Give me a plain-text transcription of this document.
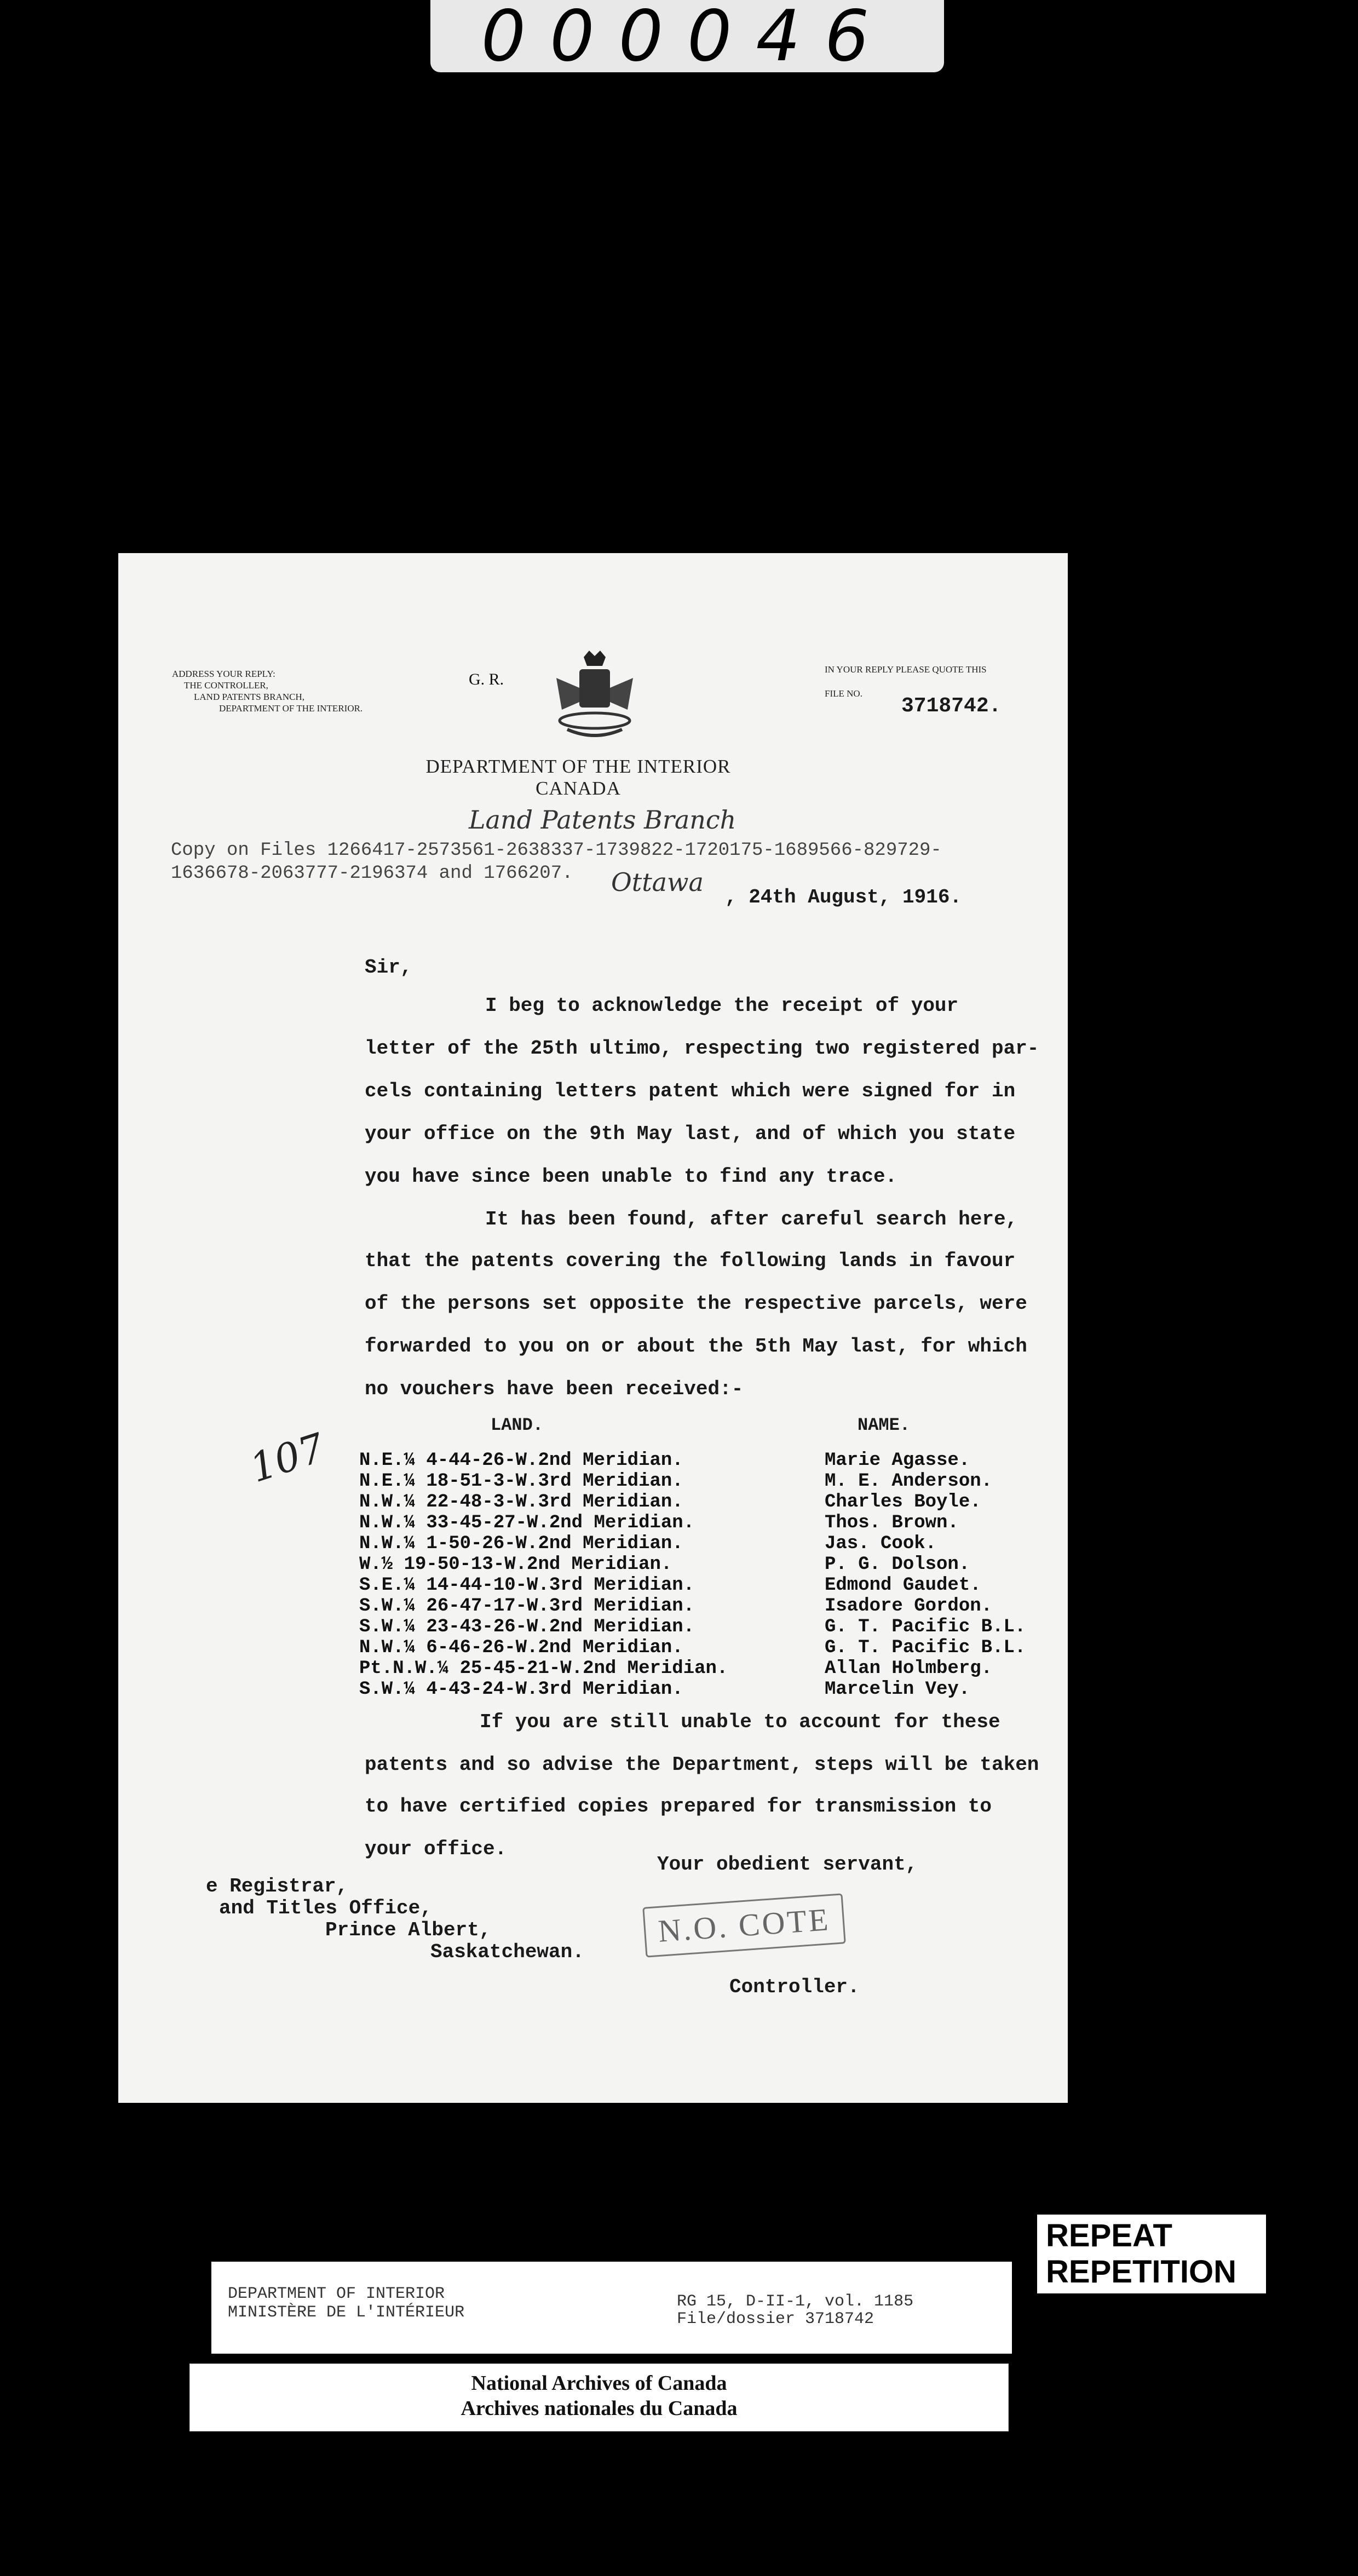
000046
ADDRESS YOUR REPLY:
THE CONTROLLER,
LAND PATENTS BRANCH,
DEPARTMENT OF THE INTERIOR.
G. R.
IN YOUR REPLY PLEASE QUOTE THIS
FILE NO.
3718742.
DEPARTMENT OF THE INTERIOR
CANADA
Land Patents Branch
Copy on Files 1266417-2573561-2638337-1739822-1720175-1689566-829729-
1636678-2063777-2196374 and 1766207. Ottawa
, 24th August, 1916.
Sir,
I beg to acknowledge the receipt of your
letter of the 25th ultimo, respecting two registered par-
cels containing letters patent which were signed for in
your office on the 9th May last, and of which you state
you have since been unable to find any trace.
It has been found, after careful search here,
that the patents covering the following lands in favour
of the persons set opposite the respective parcels, were
forwarded to you on or about the 5th May last, for which
no vouchers have been received:-
107	LAND.	NAME.
N.E.¼ 4-44-26-W.2nd Meridian.	Marie Agasse.
N.E.¼ 18-51-3-W.3rd Meridian.	M. E. Anderson.
N.W.¼ 22-48-3-W.3rd Meridian.	Charles Boyle.
N.W.¼ 33-45-27-W.2nd Meridian.	Thos. Brown.
N.W.¼ 1-50-26-W.2nd Meridian.	Jas. Cook.
W.½ 19-50-13-W.2nd Meridian.	P. G. Dolson.
S.E.¼ 14-44-10-W.3rd Meridian.	Edmond Gaudet.
S.W.¼ 26-47-17-W.3rd Meridian.	Isadore Gordon.
S.W.¼ 23-43-26-W.2nd Meridian.	G. T. Pacific B.L.
N.W.¼ 6-46-26-W.2nd Meridian.	G. T. Pacific B.L.
Pt.N.W.¼ 25-45-21-W.2nd Meridian.	Allan Holmberg.
S.W.¼ 4-43-24-W.3rd Meridian.	Marcelin Vey.
If you are still unable to account for these
patents and so advise the Department, steps will be taken
to have certified copies prepared for transmission to
your office.
Your obedient servant,
e Registrar,
and Titles Office,
Prince Albert,
Saskatchewan.
N.O. COTE
Controller.
REPEAT
REPETITION
DEPARTMENT OF INTERIOR
MINISTÈRE DE L'INTÉRIEUR
RG 15, D-II-1, vol. 1185
File/dossier 3718742
National Archives of Canada
Archives nationales du Canada
